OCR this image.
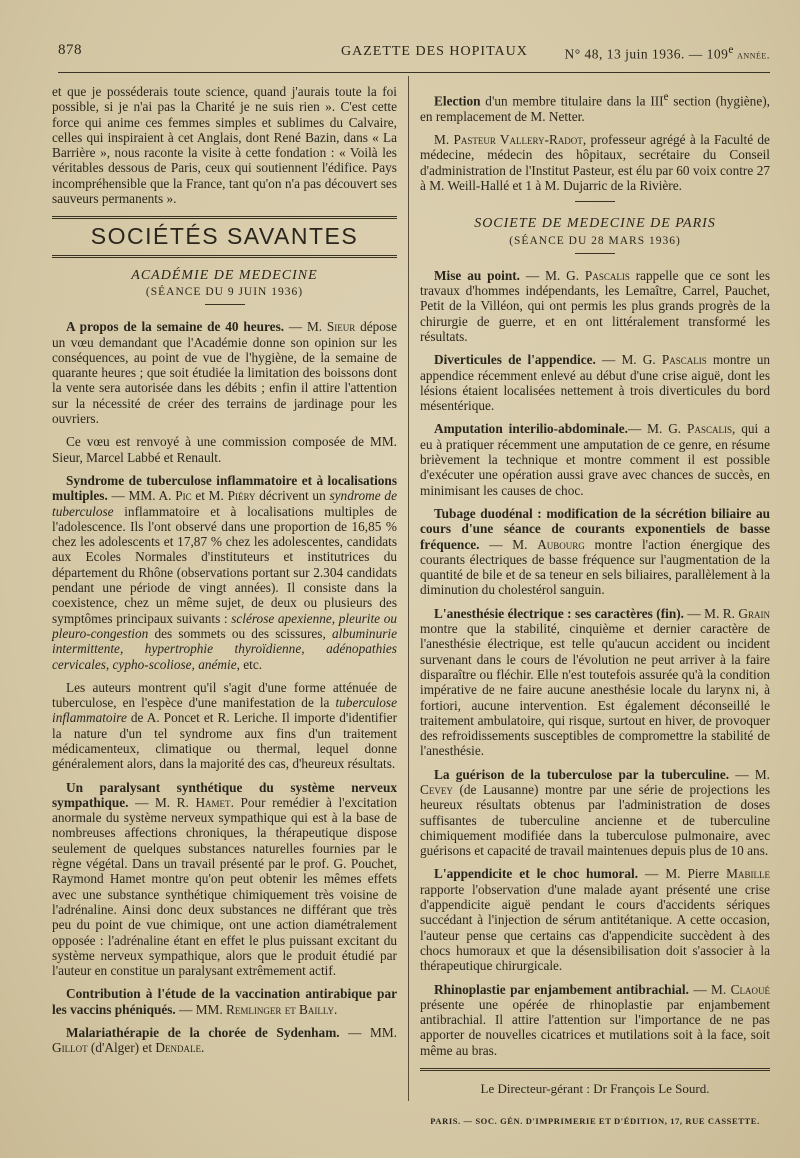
878	GAZETTE DES HOPITAUX	N° 48, 13 juin 1936. — 109e année.

et que je posséderais toute science, quand j'aurais toute la foi possible, si je n'ai pas la Charité je ne suis rien ». C'est cette force qui anime ces femmes simples et sublimes du Calvaire, celles qui inspiraient à cet Anglais, dont René Bazin, dans « La Barrière », nous raconte la visite à cette fondation : « Voilà les véritables dessous de Paris, ceux qui soutiennent l'édifice. Pays incompréhensible que la France, tant qu'on n'a pas découvert ses sauveurs permanents ».

SOCIÉTÉS SAVANTES
ACADÉMIE DE MEDECINE
(SÉANCE DU 9 JUIN 1936)

A propos de la semaine de 40 heures. — M. Sieur dépose un vœu demandant que l'Académie donne son opinion sur les conséquences, au point de vue de l'hygiène, de la semaine de quarante heures ; que soit étudiée la limitation des boissons dont la vente sera autorisée dans les débits ; enfin il attire l'attention sur la nécessité de créer des terrains de jardinage pour les ouvriers.

Ce vœu est renvoyé à une commission composée de MM. Sieur, Marcel Labbé et Renault.

Syndrome de tuberculose inflammatoire et à localisations multiples. — MM. A. Pic et M. Piéry décrivent un syndrome de tuberculose inflammatoire et à localisations multiples de l'adolescence. Ils l'ont observé dans une proportion de 16,85 % chez les adolescents et 17,87 % chez les adolescentes, candidats aux Ecoles Normales d'instituteurs et institutrices du département du Rhône (observations portant sur 2.304 candidats pendant une période de vingt années). Il consiste dans la coexistence, chez un même sujet, de deux ou plusieurs des symptômes principaux suivants : sclérose apexienne, pleurite ou pleuro-congestion des sommets ou des scissures, albuminurie intermittente, hypertrophie thyroïdienne, adénopathies cervicales, cypho-scoliose, anémie, etc.

Les auteurs montrent qu'il s'agit d'une forme atténuée de tuberculose, en l'espèce d'une manifestation de la tuberculose inflammatoire de A. Poncet et R. Leriche. Il importe d'identifier la nature d'un tel syndrome aux fins d'un traitement médicamenteux, climatique ou thermal, lequel donne généralement alors, dans la majorité des cas, d'heureux résultats.

Un paralysant synthétique du système nerveux sympathique. — M. R. Hamet. Pour remédier à l'excitation anormale du système nerveux sympathique qui est à la base de nombreuses affections chroniques, la thérapeutique dispose seulement de quelques substances naturelles fournies par le règne végétal. Dans un travail présenté par le prof. G. Pouchet, Raymond Hamet montre qu'on peut obtenir les mêmes effets avec une substance synthétique chimiquement très voisine de l'adrénaline. Ainsi donc deux substances ne différant que très peu du point de vue chimique, ont une action diamétralement opposée : l'adrénaline étant en effet le plus puissant excitant du système nerveux sympathique, alors que le produit étudié par l'auteur en constitue un paralysant extrêmement actif.

Contribution à l'étude de la vaccination antirabique par les vaccins phéniqués. — MM. Remlinger et Bailly.

Malariathérapie de la chorée de Sydenham. — MM. Gillot (d'Alger) et Dendale.

Election d'un membre titulaire dans la IIIe section (hygiène), en remplacement de M. Netter.

M. Pasteur Vallery-Radot, professeur agrégé à la Faculté de médecine, médecin des hôpitaux, secrétaire du Conseil d'administration de l'Institut Pasteur, est élu par 60 voix contre 27 à M. Weill-Hallé et 1 à M. Dujarric de la Rivière.

SOCIETE DE MEDECINE DE PARIS
(SÉANCE DU 28 MARS 1936)

Mise au point. — M. G. Pascalis rappelle que ce sont les travaux d'hommes indépendants, les Lemaître, Carrel, Pauchet, Petit de la Villéon, qui ont permis les plus grands progrès de la chirurgie de guerre, et en ont littéralement transformé les résultats.

Diverticules de l'appendice. — M. G. Pascalis montre un appendice récemment enlevé au début d'une crise aiguë, dont les lésions étaient localisées nettement à trois diverticules du bord mésentérique.

Amputation interilio-abdominale.— M. G. Pascalis, qui a eu à pratiquer récemment une amputation de ce genre, en résume brièvement la technique et montre comment il est possible d'exécuter une opération aussi grave avec chances de succès, en minimisant les causes de choc.

Tubage duodénal : modification de la sécrétion biliaire au cours d'une séance de courants exponentiels de basse fréquence. — M. Aubourg montre l'action énergique des courants électriques de basse fréquence sur l'augmentation de la quantité de bile et de sa teneur en sels biliaires, parallèlement à la diminution du cholestérol sanguin.

L'anesthésie électrique : ses caractères (fin). — M. R. Grain montre que la stabilité, cinquième et dernier caractère de l'anesthésie électrique, est telle qu'aucun accident ou incident survenant dans le cours de l'évolution ne peut arriver à la faire disparaître ou fléchir. Elle n'est toutefois assurée qu'à la condition impérative de ne faire aucune anesthésie locale du larynx ni, à fortiori, aucune intervention. Est également déconseillé le traitement ambulatoire, qui risque, surtout en hiver, de provoquer des refroidissements susceptibles de compromettre la stabilité de l'anesthésie.

La guérison de la tuberculose par la tuberculine. — M. Cevey (de Lausanne) montre par une série de projections les heureux résultats obtenus par l'administration de doses suffisantes de tuberculine ancienne et de tuberculine chimiquement modifiée dans la tuberculose pulmonaire, avec guérisons et capacité de travail maintenues depuis plus de 10 ans.

L'appendicite et le choc humoral. — M. Pierre Mabille rapporte l'observation d'une malade ayant présenté une crise d'appendicite aiguë pendant le cours d'accidents sériques succédant à l'injection de sérum antitétanique. A cette occasion, l'auteur pense que certains cas d'appendicite succèdent à des chocs humoraux et que la désensibilisation doit s'associer à la thérapeutique chirurgicale.

Rhinoplastie par enjambement antibrachial. — M. Claoué présente une opérée de rhinoplastie par enjambement antibrachial. Il attire l'attention sur l'importance de ne pas apporter de nouvelles cicatrices et mutilations soit à la face, soit même au bras.

Le Directeur-gérant : Dr François Le Sourd.
PARIS. — SOC. GÉN. D'IMPRIMERIE ET D'ÉDITION, 17, RUE CASSETTE.
